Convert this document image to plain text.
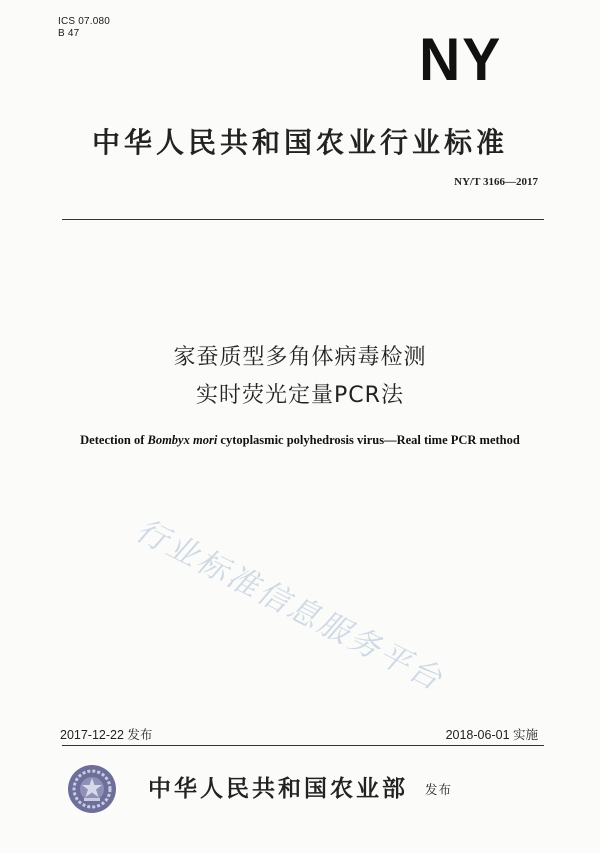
ICS 07.080
B 47	NY
中华人民共和国农业行业标准
NY/T 3166—2017
家蚕质型多角体病毒检测
实时荧光定量PCR法
Detection of Bombyx mori cytoplasmic polyhedrosis virus—Real time PCR method
行业标准信息服务平台
2017-12-22 发布	2018-06-01 实施
中华人民共和国农业部 发布
